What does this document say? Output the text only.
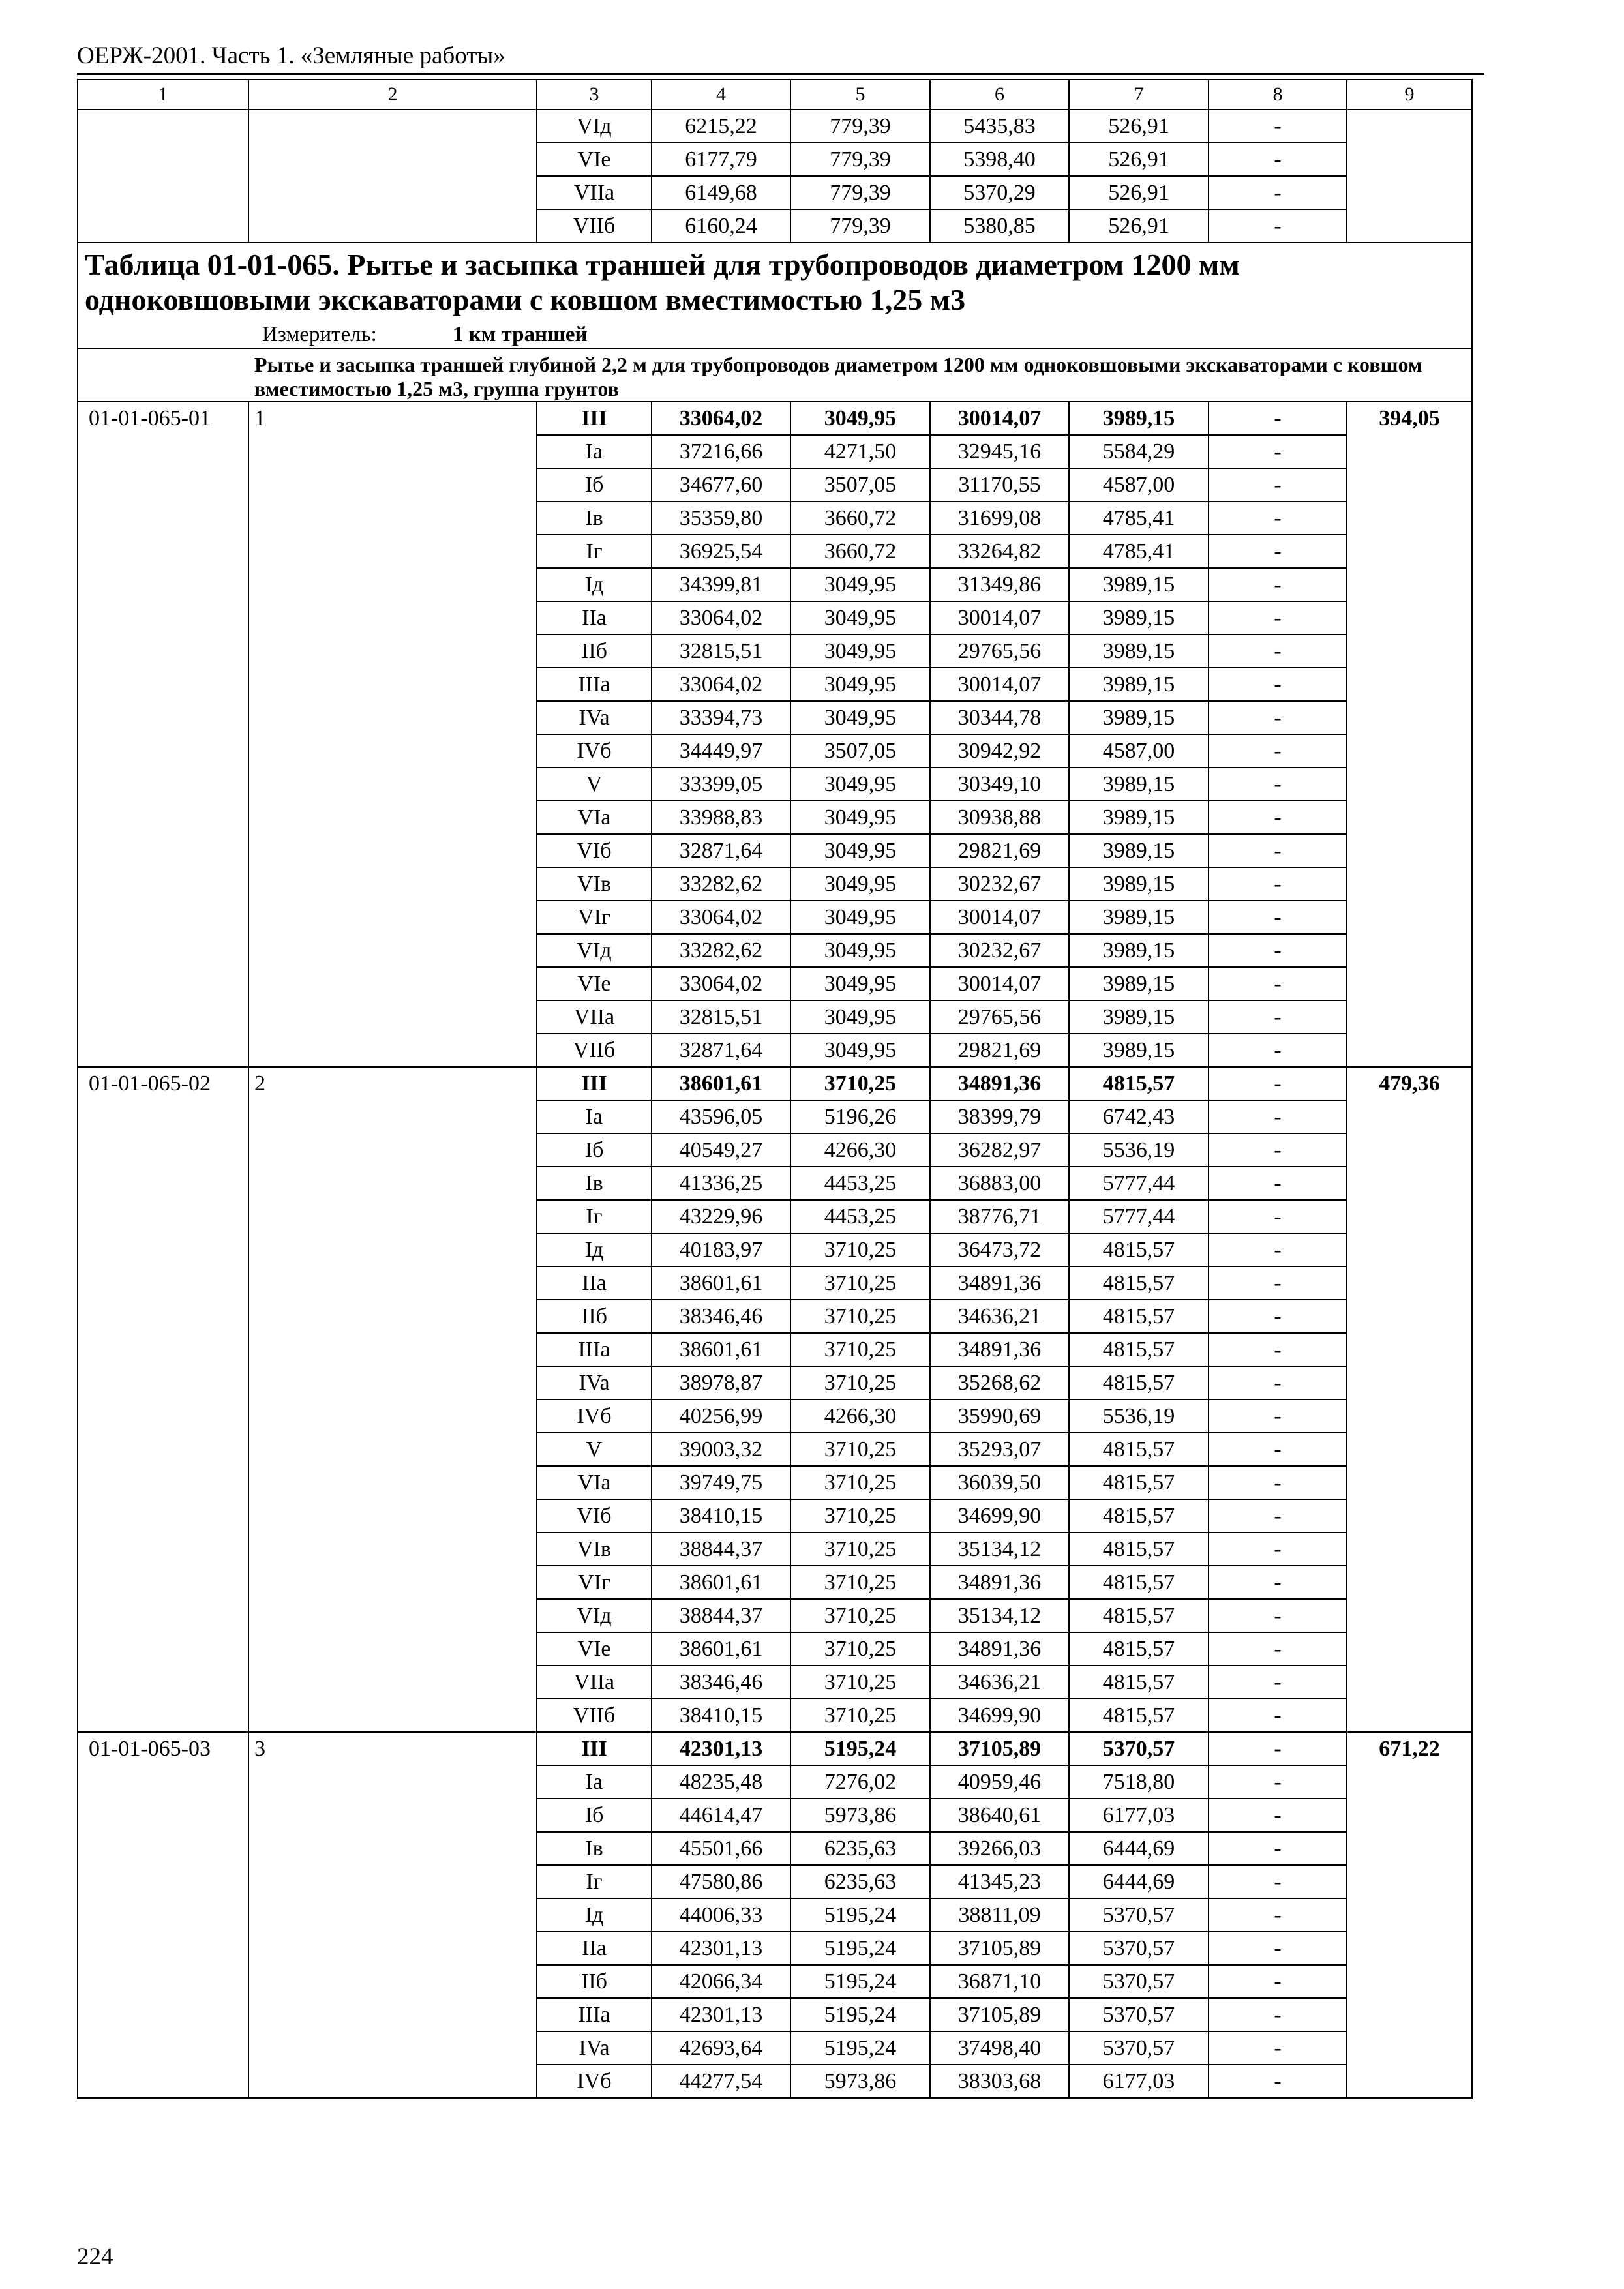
ОЕРЖ-2001. Часть 1. «Земляные работы»
1	2	3	4	5	6	7	8	9
		VIд	6215,22	779,39	5435,83	526,91	-	
		VIe	6177,79	779,39	5398,40	526,91	-	
		VIIa	6149,68	779,39	5370,29	526,91	-	
		VIIб	6160,24	779,39	5380,85	526,91	-	

Таблица 01-01-065. Рытье и засыпка траншей для трубопроводов диаметром 1200 мм одноковшовыми экскаваторами с ковшом вместимостью 1,25 м3
Измеритель: 1 км траншей								

Рытье и засыпка траншей глубиной 2,2 м для трубопроводов диаметром 1200 мм одноковшовыми экскаваторами с ковшом вместимостью 1,25 м3, группа грунтов								
01-01-065-01	1	III	33064,02	3049,95	30014,07	3989,15	-	394,05
		Ia	37216,66	4271,50	32945,16	5584,29	-	
		Iб	34677,60	3507,05	31170,55	4587,00	-	
		Iв	35359,80	3660,72	31699,08	4785,41	-	
		Iг	36925,54	3660,72	33264,82	4785,41	-	
		Iд	34399,81	3049,95	31349,86	3989,15	-	
		IIa	33064,02	3049,95	30014,07	3989,15	-	
		IIб	32815,51	3049,95	29765,56	3989,15	-	
		IIIa	33064,02	3049,95	30014,07	3989,15	-	
		IVa	33394,73	3049,95	30344,78	3989,15	-	
		IVб	34449,97	3507,05	30942,92	4587,00	-	
		V	33399,05	3049,95	30349,10	3989,15	-	
		VIa	33988,83	3049,95	30938,88	3989,15	-	
		VIб	32871,64	3049,95	29821,69	3989,15	-	
		VIв	33282,62	3049,95	30232,67	3989,15	-	
		VIг	33064,02	3049,95	30014,07	3989,15	-	
		VIд	33282,62	3049,95	30232,67	3989,15	-	
		VIe	33064,02	3049,95	30014,07	3989,15	-	
		VIIa	32815,51	3049,95	29765,56	3989,15	-	
		VIIб	32871,64	3049,95	29821,69	3989,15	-	
01-01-065-02	2	III	38601,61	3710,25	34891,36	4815,57	-	479,36
		Ia	43596,05	5196,26	38399,79	6742,43	-	
		Iб	40549,27	4266,30	36282,97	5536,19	-	
		Iв	41336,25	4453,25	36883,00	5777,44	-	
		Iг	43229,96	4453,25	38776,71	5777,44	-	
		Iд	40183,97	3710,25	36473,72	4815,57	-	
		IIa	38601,61	3710,25	34891,36	4815,57	-	
		IIб	38346,46	3710,25	34636,21	4815,57	-	
		IIIa	38601,61	3710,25	34891,36	4815,57	-	
		IVa	38978,87	3710,25	35268,62	4815,57	-	
		IVб	40256,99	4266,30	35990,69	5536,19	-	
		V	39003,32	3710,25	35293,07	4815,57	-	
		VIa	39749,75	3710,25	36039,50	4815,57	-	
		VIб	38410,15	3710,25	34699,90	4815,57	-	
		VIв	38844,37	3710,25	35134,12	4815,57	-	
		VIг	38601,61	3710,25	34891,36	4815,57	-	
		VIд	38844,37	3710,25	35134,12	4815,57	-	
		VIe	38601,61	3710,25	34891,36	4815,57	-	
		VIIa	38346,46	3710,25	34636,21	4815,57	-	
		VIIб	38410,15	3710,25	34699,90	4815,57	-	
01-01-065-03	3	III	42301,13	5195,24	37105,89	5370,57	-	671,22
		Ia	48235,48	7276,02	40959,46	7518,80	-	
		Iб	44614,47	5973,86	38640,61	6177,03	-	
		Iв	45501,66	6235,63	39266,03	6444,69	-	
		Iг	47580,86	6235,63	41345,23	6444,69	-	
		Iд	44006,33	5195,24	38811,09	5370,57	-	
		IIa	42301,13	5195,24	37105,89	5370,57	-	
		IIб	42066,34	5195,24	36871,10	5370,57	-	
		IIIa	42301,13	5195,24	37105,89	5370,57	-	
		IVa	42693,64	5195,24	37498,40	5370,57	-	
		IVб	44277,54	5973,86	38303,68	6177,03	-	
224
